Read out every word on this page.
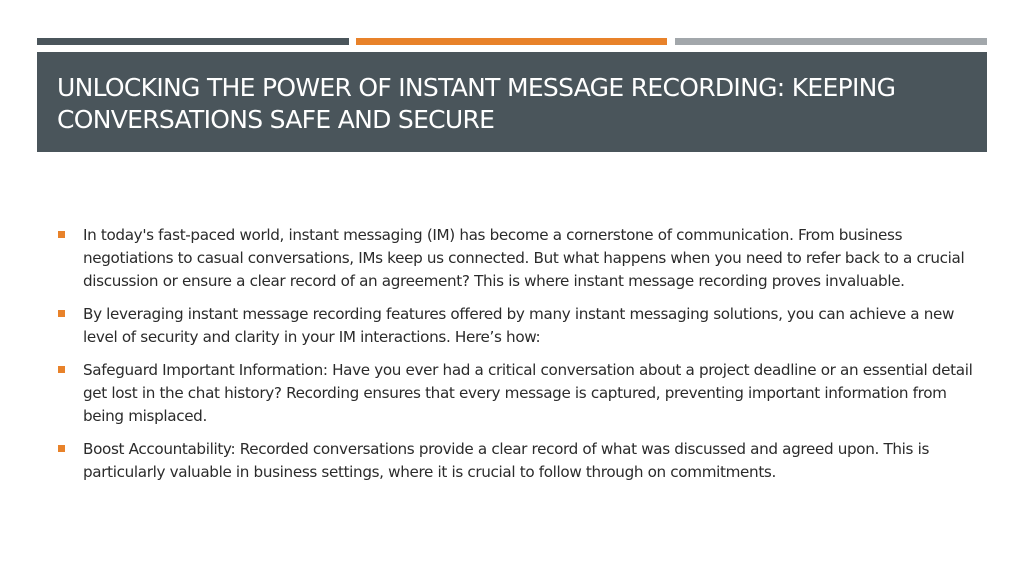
UNLOCKING THE POWER OF INSTANT MESSAGE RECORDING: KEEPING CONVERSATIONS SAFE AND SECURE
In today's fast-paced world, instant messaging (IM) has become a cornerstone of communication. From business negotiations to casual conversations, IMs keep us connected. But what happens when you need to refer back to a crucial discussion or ensure a clear record of an agreement? This is where instant message recording proves invaluable.
By leveraging instant message recording features offered by many instant messaging solutions, you can achieve a new level of security and clarity in your IM interactions. Here’s how:
Safeguard Important Information: Have you ever had a critical conversation about a project deadline or an essential detail get lost in the chat history? Recording ensures that every message is captured, preventing important information from being misplaced.
Boost Accountability: Recorded conversations provide a clear record of what was discussed and agreed upon. This is particularly valuable in business settings, where it is crucial to follow through on commitments.
